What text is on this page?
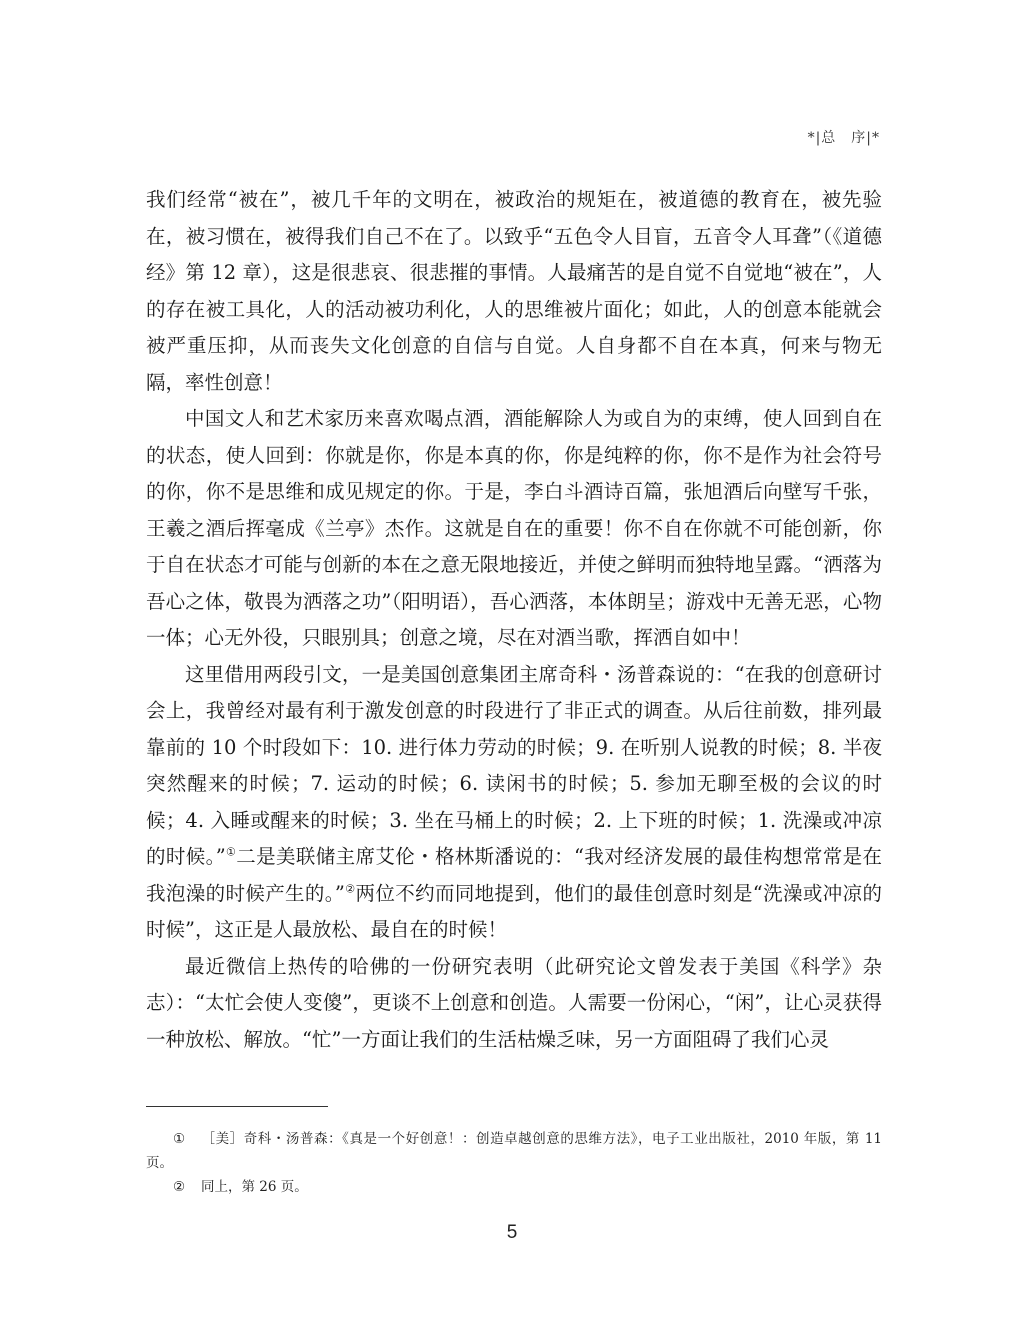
*|总　序|*

我们经常“被在”，被几千年的文明在，被政治的规矩在，被道德的教育在，被先验在，被习惯在，被得我们自己不在了。以致乎“五色令人目盲，五音令人耳聋”（《道德经》第 12 章），这是很悲哀、很悲摧的事情。人最痛苦的是自觉不自觉地“被在”，人的存在被工具化，人的活动被功利化，人的思维被片面化；如此，人的创意本能就会被严重压抑，从而丧失文化创意的自信与自觉。人自身都不自在本真，何来与物无隔，率性创意！

中国文人和艺术家历来喜欢喝点酒，酒能解除人为或自为的束缚，使人回到自在的状态，使人回到：你就是你，你是本真的你，你是纯粹的你，你不是作为社会符号的你，你不是思维和成见规定的你。于是，李白斗酒诗百篇，张旭酒后向壁写千张，王羲之酒后挥毫成《兰亭》杰作。这就是自在的重要！你不自在你就不可能创新，你于自在状态才可能与创新的本在之意无限地接近，并使之鲜明而独特地呈露。“洒落为吾心之体，敬畏为洒落之功”（阳明语），吾心洒落，本体朗呈；游戏中无善无恶，心物一体；心无外役，只眼别具；创意之境，尽在对酒当歌，挥洒自如中！

这里借用两段引文，一是美国创意集团主席奇科・汤普森说的：“在我的创意研讨会上，我曾经对最有利于激发创意的时段进行了非正式的调查。从后往前数，排列最靠前的 10 个时段如下：10. 进行体力劳动的时候；9. 在听别人说教的时候；8. 半夜突然醒来的时候；7. 运动的时候；6. 读闲书的时候；5. 参加无聊至极的会议的时候；4. 入睡或醒来的时候；3. 坐在马桶上的时候；2. 上下班的时候；1. 洗澡或冲凉的时候。”①二是美联储主席艾伦・格林斯潘说的：“我对经济发展的最佳构想常常是在我泡澡的时候产生的。”②两位不约而同地提到，他们的最佳创意时刻是“洗澡或冲凉的时候”，这正是人最放松、最自在的时候！

最近微信上热传的哈佛的一份研究表明（此研究论文曾发表于美国《科学》杂志）：“太忙会使人变傻”，更谈不上创意和创造。人需要一份闲心，“闲”，让心灵获得一种放松、解放。“忙”一方面让我们的生活枯燥乏味，另一方面阻碍了我们心灵

① ［美］奇科・汤普森：《真是一个好创意！：创造卓越创意的思维方法》，电子工业出版社，2010 年版，第 11 页。

② 同上，第 26 页。

5
